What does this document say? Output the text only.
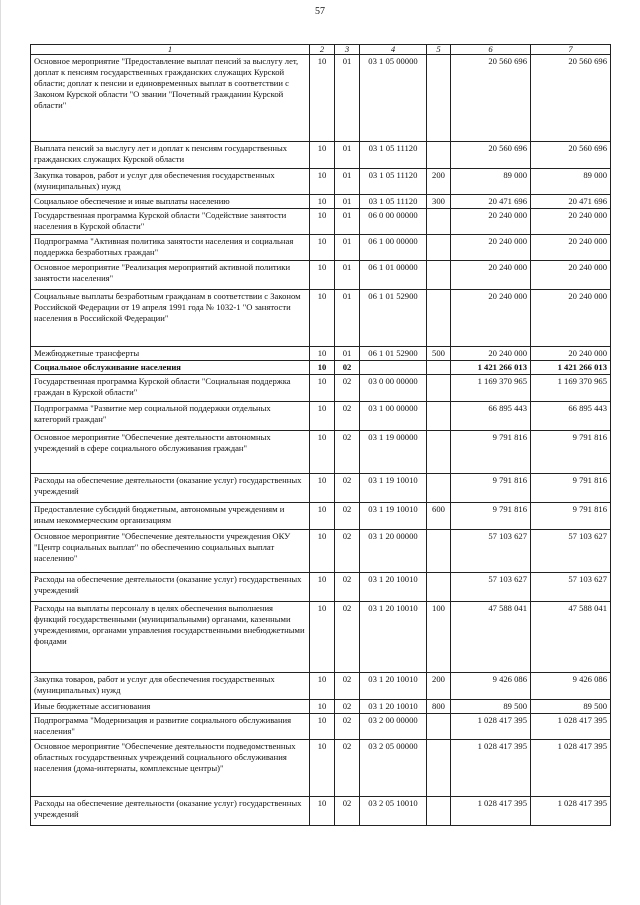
57
1	2	3	4	5	6	7
Основное мероприятие "Предоставление выплат пенсий за выслугу лет, доплат к пенсиям государственных гражданских служащих Курской области; доплат к пенсии и единовременных выплат в соответствии с Законом Курской области "О звании "Почетный гражданин Курской области"	10	01	03 1 05 00000		20 560 696	20 560 696
Выплата пенсий за выслугу лет и доплат к пенсиям государственных гражданских служащих Курской области	10	01	03 1 05 11120		20 560 696	20 560 696
Закупка товаров, работ и услуг для обеспечения государственных (муниципальных) нужд	10	01	03 1 05 11120	200	89 000	89 000
Социальное обеспечение и иные выплаты населению	10	01	03 1 05 11120	300	20 471 696	20 471 696
Государственная программа Курской области "Содействие занятости населения в Курской области"	10	01	06 0 00 00000		20 240 000	20 240 000
Подпрограмма "Активная политика занятости населения и социальная поддержка безработных граждан"	10	01	06 1 00 00000		20 240 000	20 240 000
Основное мероприятие "Реализация мероприятий активной политики занятости населения"	10	01	06 1 01 00000		20 240 000	20 240 000
Социальные выплаты безработным гражданам в соответствии с Законом Российской Федерации от 19 апреля 1991 года № 1032-1 "О занятости населения в Российской Федерации"	10	01	06 1 01 52900		20 240 000	20 240 000
Межбюджетные трансферты	10	01	06 1 01 52900	500	20 240 000	20 240 000
Социальное обслуживание населения	10	02			1 421 266 013	1 421 266 013
Государственная программа Курской области "Социальная поддержка граждан в Курской области"	10	02	03 0 00 00000		1 169 370 965	1 169 370 965
Подпрограмма "Развитие мер социальной поддержки отдельных категорий граждан"	10	02	03 1 00 00000		66 895 443	66 895 443
Основное мероприятие "Обеспечение деятельности автономных учреждений в сфере социального обслуживания граждан"	10	02	03 1 19 00000		9 791 816	9 791 816
Расходы на обеспечение деятельности (оказание услуг) государственных учреждений	10	02	03 1 19 10010		9 791 816	9 791 816
Предоставление субсидий бюджетным, автономным учреждениям и иным некоммерческим организациям	10	02	03 1 19 10010	600	9 791 816	9 791 816
Основное мероприятие "Обеспечение деятельности учреждения ОКУ "Центр социальных выплат" по обеспечению социальных выплат населению"	10	02	03 1 20 00000		57 103 627	57 103 627
Расходы на обеспечение деятельности (оказание услуг) государственных учреждений	10	02	03 1 20 10010		57 103 627	57 103 627
Расходы на выплаты персоналу в целях обеспечения выполнения функций государственными (муниципальными) органами, казенными учреждениями, органами управления государственными внебюджетными фондами	10	02	03 1 20 10010	100	47 588 041	47 588 041
Закупка товаров, работ и услуг для обеспечения государственных (муниципальных) нужд	10	02	03 1 20 10010	200	9 426 086	9 426 086
Иные бюджетные ассигнования	10	02	03 1 20 10010	800	89 500	89 500
Подпрограмма "Модернизация и развитие социального обслуживания населения"	10	02	03 2 00 00000		1 028 417 395	1 028 417 395
Основное мероприятие "Обеспечение деятельности подведомственных областных государственных учреждений социального обслуживания населения (дома-интернаты, комплексные центры)"	10	02	03 2 05 00000		1 028 417 395	1 028 417 395
Расходы на обеспечение деятельности (оказание услуг) государственных учреждений	10	02	03 2 05 10010		1 028 417 395	1 028 417 395
